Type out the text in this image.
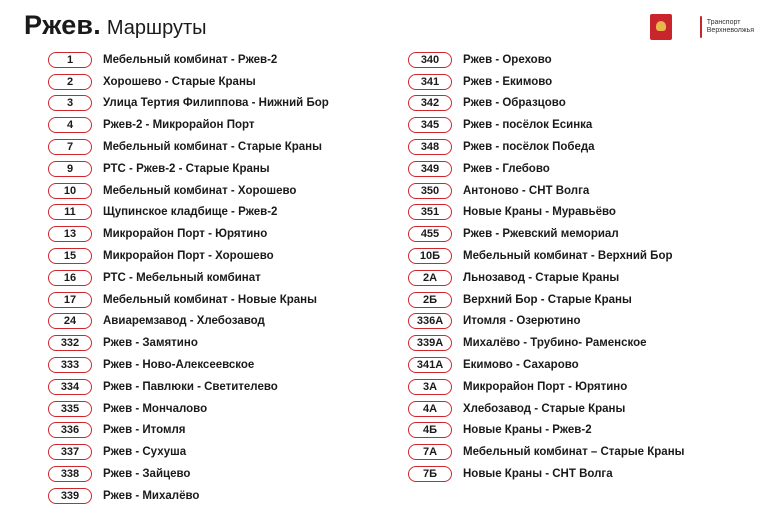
Ржев. Маршруты	Транспорт
Верхневолжья
1	Мебельный комбинат - Ржев-2
2	Хорошево - Старые Краны
3	Улица Тертия Филиппова - Нижний Бор
4	Ржев-2 - Микрорайон Порт
7	Мебельный комбинат - Старые Краны
9	РТС - Ржев-2 - Старые Краны
10	Мебельный комбинат - Хорошево
11	Щупинское кладбище - Ржев-2
13	Микрорайон Порт - Юрятино
15	Микрорайон Порт - Хорошево
16	РТС - Мебельный комбинат
17	Мебельный комбинат - Новые Краны
24	Авиаремзавод - Хлебозавод
332	Ржев - Замятино
333	Ржев - Ново-Алексеевское
334	Ржев - Павлюки - Светителево
335	Ржев - Мончалово
336	Ржев - Итомля
337	Ржев - Сухуша
338	Ржев - Зайцево
339	Ржев - Михалёво
340	Ржев - Орехово
341	Ржев - Екимово
342	Ржев - Образцово
345	Ржев - посёлок Есинка
348	Ржев - посёлок Победа
349	Ржев - Глебово
350	Антоново - СНТ Волга
351	Новые Краны - Муравьёво
455	Ржев - Ржевский мемориал
10Б	Мебельный комбинат - Верхний Бор
2А	Льнозавод - Старые Краны
2Б	Верхний Бор - Старые Краны
336А	Итомля - Озерютино
339А	Михалёво - Трубино- Раменское
341А	Екимово - Сахарово
3А	Микрорайон Порт - Юрятино
4А	Хлебозавод - Старые Краны
4Б	Новые Краны - Ржев-2
7А	Мебельный комбинат – Старые Краны
7Б	Новые Краны - СНТ Волга
